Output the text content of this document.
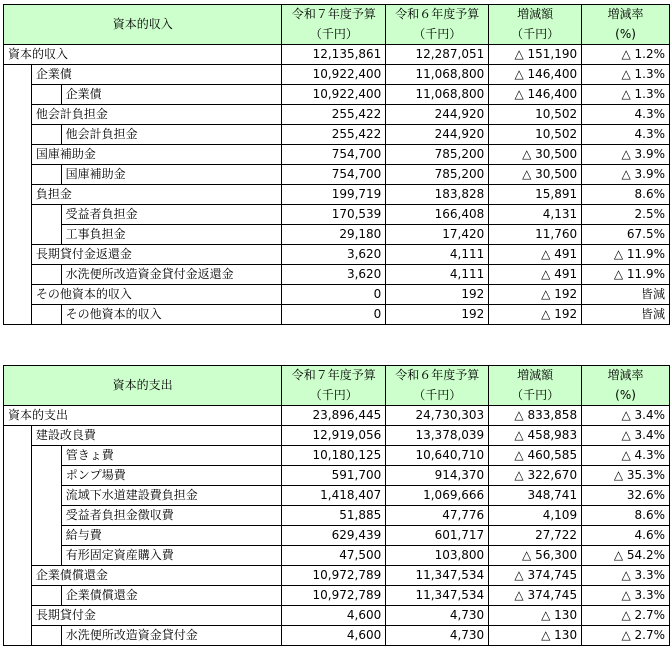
資本的収入			令和７年度予算	令和６年度予算	増減額	増減率
			（千円）	（千円）	（千円）	(%)
資本的収入			12,135,861	12,287,051	△ 151,190	△ 1.2%
	企業債		10,922,400	11,068,800	△ 146,400	△ 1.3%
		企業債	10,922,400	11,068,800	△ 146,400	△ 1.3%
	他会計負担金		255,422	244,920	10,502	4.3%
		他会計負担金	255,422	244,920	10,502	4.3%
	国庫補助金		754,700	785,200	△ 30,500	△ 3.9%
		国庫補助金	754,700	785,200	△ 30,500	△ 3.9%
	負担金		199,719	183,828	15,891	8.6%
		受益者負担金	170,539	166,408	4,131	2.5%
		工事負担金	29,180	17,420	11,760	67.5%
	長期貸付金返還金		3,620	4,111	△ 491	△ 11.9%
		水洗便所改造資金貸付金返還金	3,620	4,111	△ 491	△ 11.9%
	その他資本的収入		0	192	△ 192	皆減
		その他資本的収入	0	192	△ 192	皆減
資本的支出			令和７年度予算	令和６年度予算	増減額	増減率
			（千円）	（千円）	（千円）	(%)
資本的支出			23,896,445	24,730,303	△ 833,858	△ 3.4%
	建設改良費		12,919,056	13,378,039	△ 458,983	△ 3.4%
		管きょ費	10,180,125	10,640,710	△ 460,585	△ 4.3%
		ポンプ場費	591,700	914,370	△ 322,670	△ 35.3%
		流域下水道建設費負担金	1,418,407	1,069,666	348,741	32.6%
		受益者負担金徴収費	51,885	47,776	4,109	8.6%
		給与費	629,439	601,717	27,722	4.6%
		有形固定資産購入費	47,500	103,800	△ 56,300	△ 54.2%
	企業債償還金		10,972,789	11,347,534	△ 374,745	△ 3.3%
		企業債償還金	10,972,789	11,347,534	△ 374,745	△ 3.3%
	長期貸付金		4,600	4,730	△ 130	△ 2.7%
		水洗便所改造資金貸付金	4,600	4,730	△ 130	△ 2.7%
